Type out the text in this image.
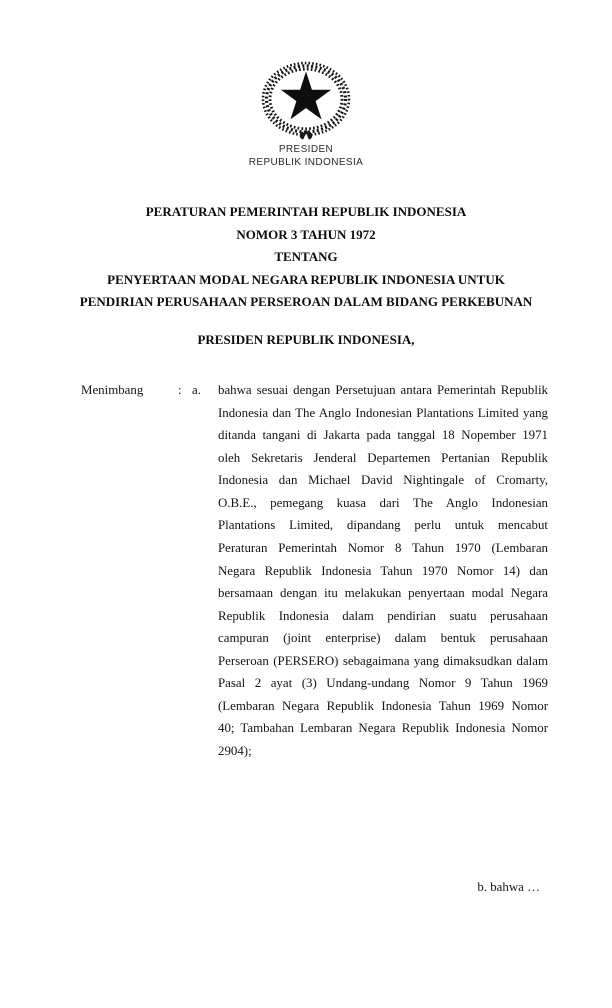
PRESIDEN
REPUBLIK INDONESIA
PERATURAN PEMERINTAH REPUBLIK INDONESIA
NOMOR 3 TAHUN 1972
TENTANG
PENYERTAAN MODAL NEGARA REPUBLIK INDONESIA UNTUK
PENDIRIAN PERUSAHAAN PERSEROAN DALAM BIDANG PERKEBUNAN
PRESIDEN REPUBLIK INDONESIA,
Menimbang	: a.	bahwa sesuai dengan Persetujuan antara Pemerintah Republik
Indonesia dan The Anglo Indonesian Plantations Limited yang
ditanda tangani di Jakarta pada tanggal 18 Nopember 1971
oleh Sekretaris Jenderal Departemen Pertanian Republik
Indonesia dan Michael David Nightingale of Cromarty,
O.B.E., pemegang kuasa dari The Anglo Indonesian
Plantations Limited, dipandang perlu untuk mencabut
Peraturan Pemerintah Nomor 8 Tahun 1970 (Lembaran
Negara Republik Indonesia Tahun 1970 Nomor 14) dan
bersamaan dengan itu melakukan penyertaan modal Negara
Republik Indonesia dalam pendirian suatu perusahaan
campuran (joint enterprise) dalam bentuk perusahaan
Perseroan (PERSERO) sebagaimana yang dimaksudkan dalam
Pasal 2 ayat (3) Undang-undang Nomor 9 Tahun 1969
(Lembaran Negara Republik Indonesia Tahun 1969 Nomor
40; Tambahan Lembaran Negara Republik Indonesia Nomor
2904);
b. bahwa …
